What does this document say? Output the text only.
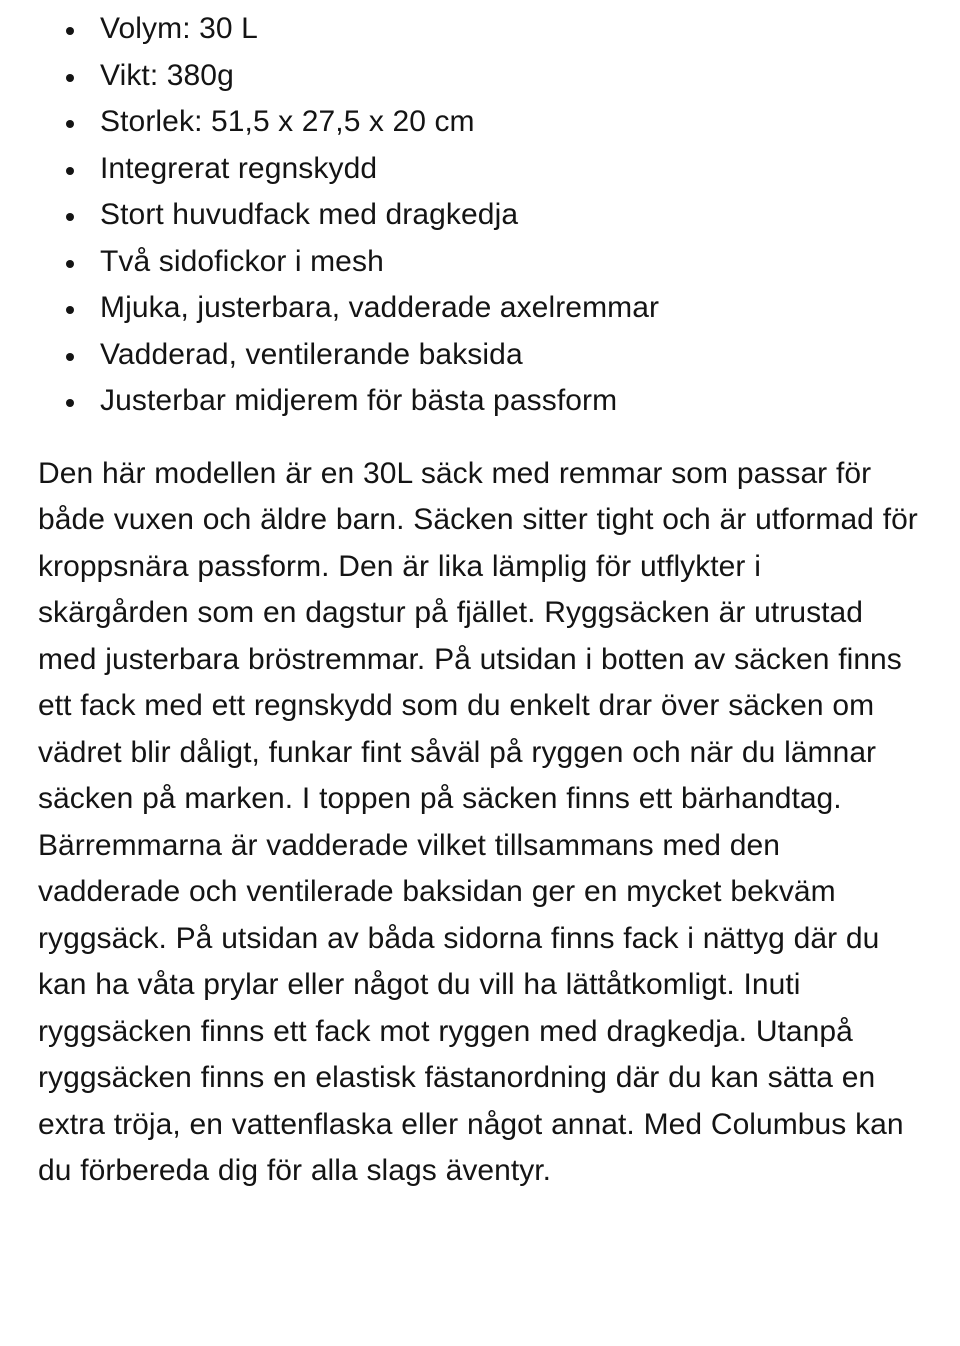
Volym: 30 L
Vikt: 380g
Storlek: 51,5 x 27,5 x 20 cm
Integrerat regnskydd
Stort huvudfack med dragkedja
Två sidofickor i mesh
Mjuka, justerbara, vadderade axelremmar
Vadderad, ventilerande baksida
Justerbar midjerem för bästa passform

Den här modellen är en 30L säck med remmar som passar för både vuxen och äldre barn. Säcken sitter tight och är utformad för kroppsnära passform. Den är lika lämplig för utflykter i skärgården som en dagstur på fjället. Ryggsäcken är utrustad med justerbara bröstremmar. På utsidan i botten av säcken finns ett fack med ett regnskydd som du enkelt drar över säcken om vädret blir dåligt, funkar fint såväl på ryggen och när du lämnar säcken på marken. I toppen på säcken finns ett bärhandtag. Bärremmarna är vadderade vilket tillsammans med den vadderade och ventilerade baksidan ger en mycket bekväm ryggsäck. På utsidan av båda sidorna finns fack i nättyg där du kan ha våta prylar eller något du vill ha lättåtkomligt. Inuti ryggsäcken finns ett fack mot ryggen med dragkedja. Utanpå ryggsäcken finns en elastisk fästanordning där du kan sätta en extra tröja, en vattenflaska eller något annat. Med Columbus kan du förbereda dig för alla slags äventyr.
